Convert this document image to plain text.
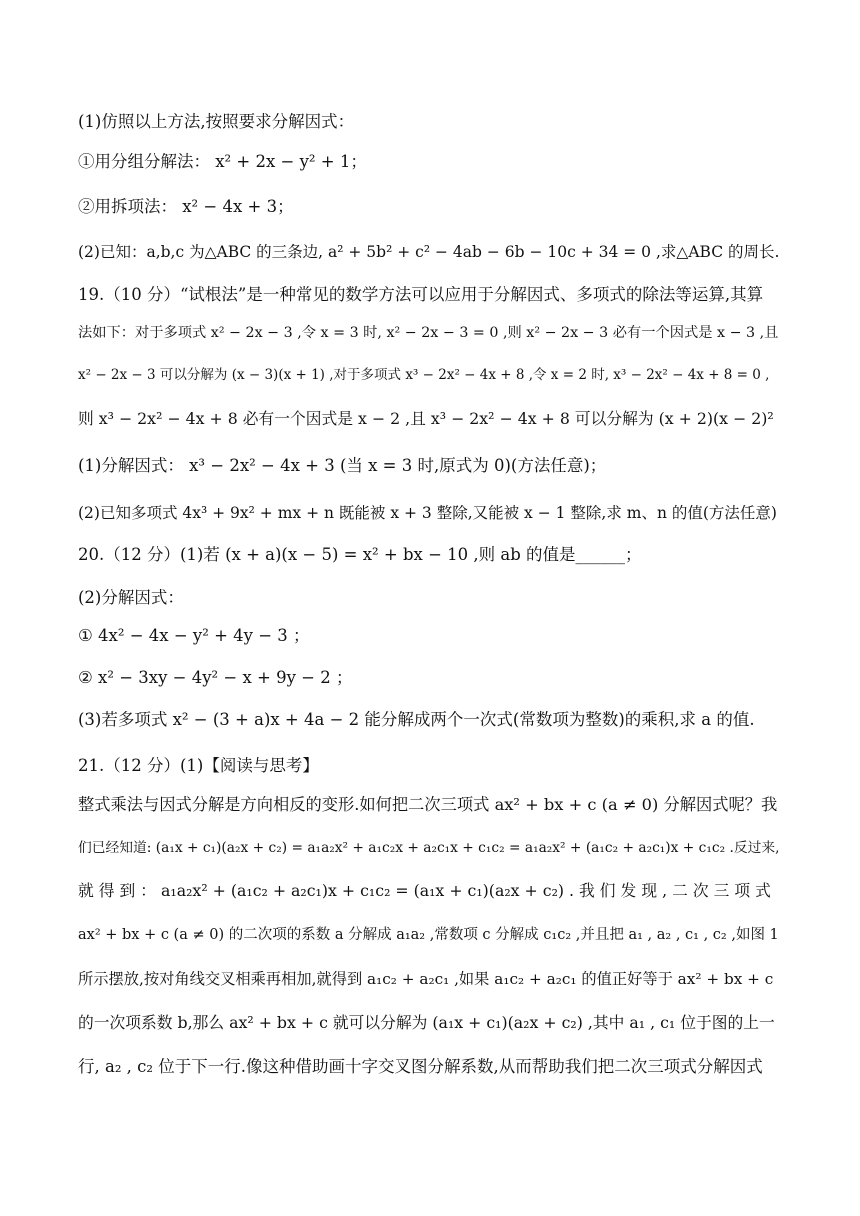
(1)仿照以上方法,按照要求分解因式：
①用分组分解法： x² + 2x − y² + 1；
②用拆项法： x² − 4x + 3；
(2)已知：a,b,c 为△ABC 的三条边, a² + 5b² + c² − 4ab − 6b − 10c + 34 = 0 ,求△ABC 的周长.
19.（10 分）“试根法”是一种常见的数学方法可以应用于分解因式、多项式的除法等运算,其算
法如下：对于多项式 x² − 2x − 3 ,令 x = 3 时, x² − 2x − 3 = 0 ,则 x² − 2x − 3 必有一个因式是 x − 3 ,且
x² − 2x − 3 可以分解为 (x − 3)(x + 1) ,对于多项式 x³ − 2x² − 4x + 8 ,令 x = 2 时, x³ − 2x² − 4x + 8 = 0 ,
则 x³ − 2x² − 4x + 8 必有一个因式是 x − 2 ,且 x³ − 2x² − 4x + 8 可以分解为 (x + 2)(x − 2)²
(1)分解因式： x³ − 2x² − 4x + 3 (当 x = 3 时,原式为 0)(方法任意)；
(2)已知多项式 4x³ + 9x² + mx + n 既能被 x + 3 整除,又能被 x − 1 整除,求 m、n 的值(方法任意)
20.（12 分）(1)若 (x + a)(x − 5) = x² + bx − 10 ,则 ab 的值是______；
(2)分解因式：
① 4x² − 4x − y² + 4y − 3 ；
② x² − 3xy − 4y² − x + 9y − 2 ；
(3)若多项式 x² − (3 + a)x + 4a − 2 能分解成两个一次式(常数项为整数)的乘积,求 a 的值.
21.（12 分）(1)【阅读与思考】
整式乘法与因式分解是方向相反的变形.如何把二次三项式 ax² + bx + c (a ≠ 0) 分解因式呢？我
们已经知道: (a₁x + c₁)(a₂x + c₂) = a₁a₂x² + a₁c₂x + a₂c₁x + c₁c₂ = a₁a₂x² + (a₁c₂ + a₂c₁)x + c₁c₂ .反过来,
就 得 到 ： a₁a₂x² + (a₁c₂ + a₂c₁)x + c₁c₂ = (a₁x + c₁)(a₂x + c₂) . 我 们 发 现 , 二 次 三 项 式
ax² + bx + c (a ≠ 0) 的二次项的系数 a 分解成 a₁a₂ ,常数项 c 分解成 c₁c₂ ,并且把 a₁ , a₂ , c₁ , c₂ ,如图 1
所示摆放,按对角线交叉相乘再相加,就得到 a₁c₂ + a₂c₁ ,如果 a₁c₂ + a₂c₁ 的值正好等于 ax² + bx + c
的一次项系数 b,那么 ax² + bx + c 就可以分解为 (a₁x + c₁)(a₂x + c₂) ,其中 a₁ , c₁ 位于图的上一
行, a₂ , c₂ 位于下一行.像这种借助画十字交叉图分解系数,从而帮助我们把二次三项式分解因式
